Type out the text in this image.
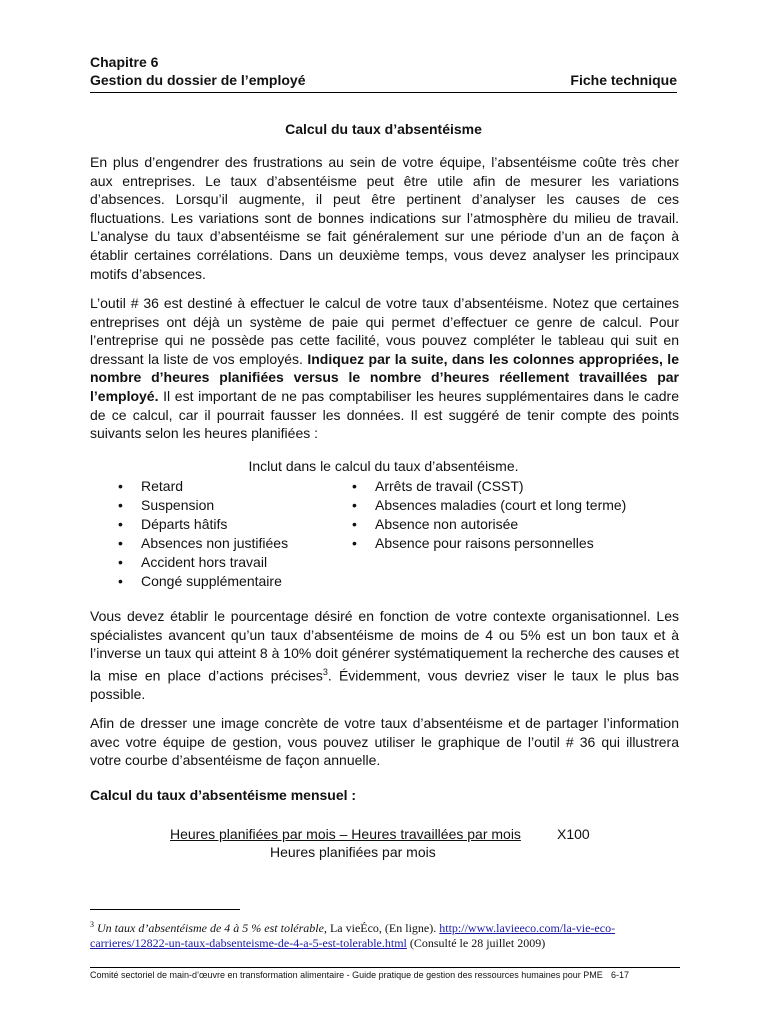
Chapitre 6
Gestion du dossier de l’employé	Fiche technique
Calcul du taux d’absentéisme
En plus d’engendrer des frustrations au sein de votre équipe, l’absentéisme coûte très cher aux entreprises. Le taux d’absentéisme peut être utile afin de mesurer les variations d’absences. Lorsqu’il augmente, il peut être pertinent d’analyser les causes de ces fluctuations. Les variations sont de bonnes indications sur l’atmosphère du milieu de travail. L’analyse du taux d’absentéisme se fait généralement sur une période d’un an de façon à établir certaines corrélations. Dans un deuxième temps, vous devez analyser les principaux motifs d’absences.
L’outil # 36 est destiné à effectuer le calcul de votre taux d’absentéisme. Notez que certaines entreprises ont déjà un système de paie qui permet d’effectuer ce genre de calcul. Pour l’entreprise qui ne possède pas cette facilité, vous pouvez compléter le tableau qui suit en dressant la liste de vos employés. Indiquez par la suite, dans les colonnes appropriées, le nombre d’heures planifiées versus le nombre d’heures réellement travaillées par l’employé. Il est important de ne pas comptabiliser les heures supplémentaires dans le cadre de ce calcul, car il pourrait fausser les données. Il est suggéré de tenir compte des points suivants selon les heures planifiées :
Inclut dans le calcul du taux d’absentéisme.
• Retard
• Suspension
• Départs hâtifs
• Absences non justifiées
• Accident hors travail
• Congé supplémentaire
• Arrêts de travail (CSST)
• Absences maladies (court et long terme)
• Absence non autorisée
• Absence pour raisons personnelles
Vous devez établir le pourcentage désiré en fonction de votre contexte organisationnel. Les spécialistes avancent qu’un taux d’absentéisme de moins de 4 ou 5% est un bon taux et à l’inverse un taux qui atteint 8 à 10% doit générer systématiquement la recherche des causes et la mise en place d’actions précises$^3$. Évidemment, vous devriez viser le taux le plus bas possible.
Afin de dresser une image concrète de votre taux d’absentéisme et de partager l’information avec votre équipe de gestion, vous pouvez utiliser le graphique de l’outil # 36 qui illustrera votre courbe d’absentéisme de façon annuelle.
Calcul du taux d’absentéisme mensuel :
Heures planifiées par mois – Heures travaillées par mois	X100
Heures planifiées par mois
$^3$ Un taux d’absentéisme de 4 à 5 % est tolérable, La vieÉco, (En ligne). http://www.lavieeco.com/la-vie-eco-carrieres/12822-un-taux-dabsenteisme-de-4-a-5-est-tolerable.html (Consulté le 28 juillet 2009)
Comité sectoriel de main-d’œuvre en transformation alimentaire - Guide pratique de gestion des ressources humaines pour PME 6-17
